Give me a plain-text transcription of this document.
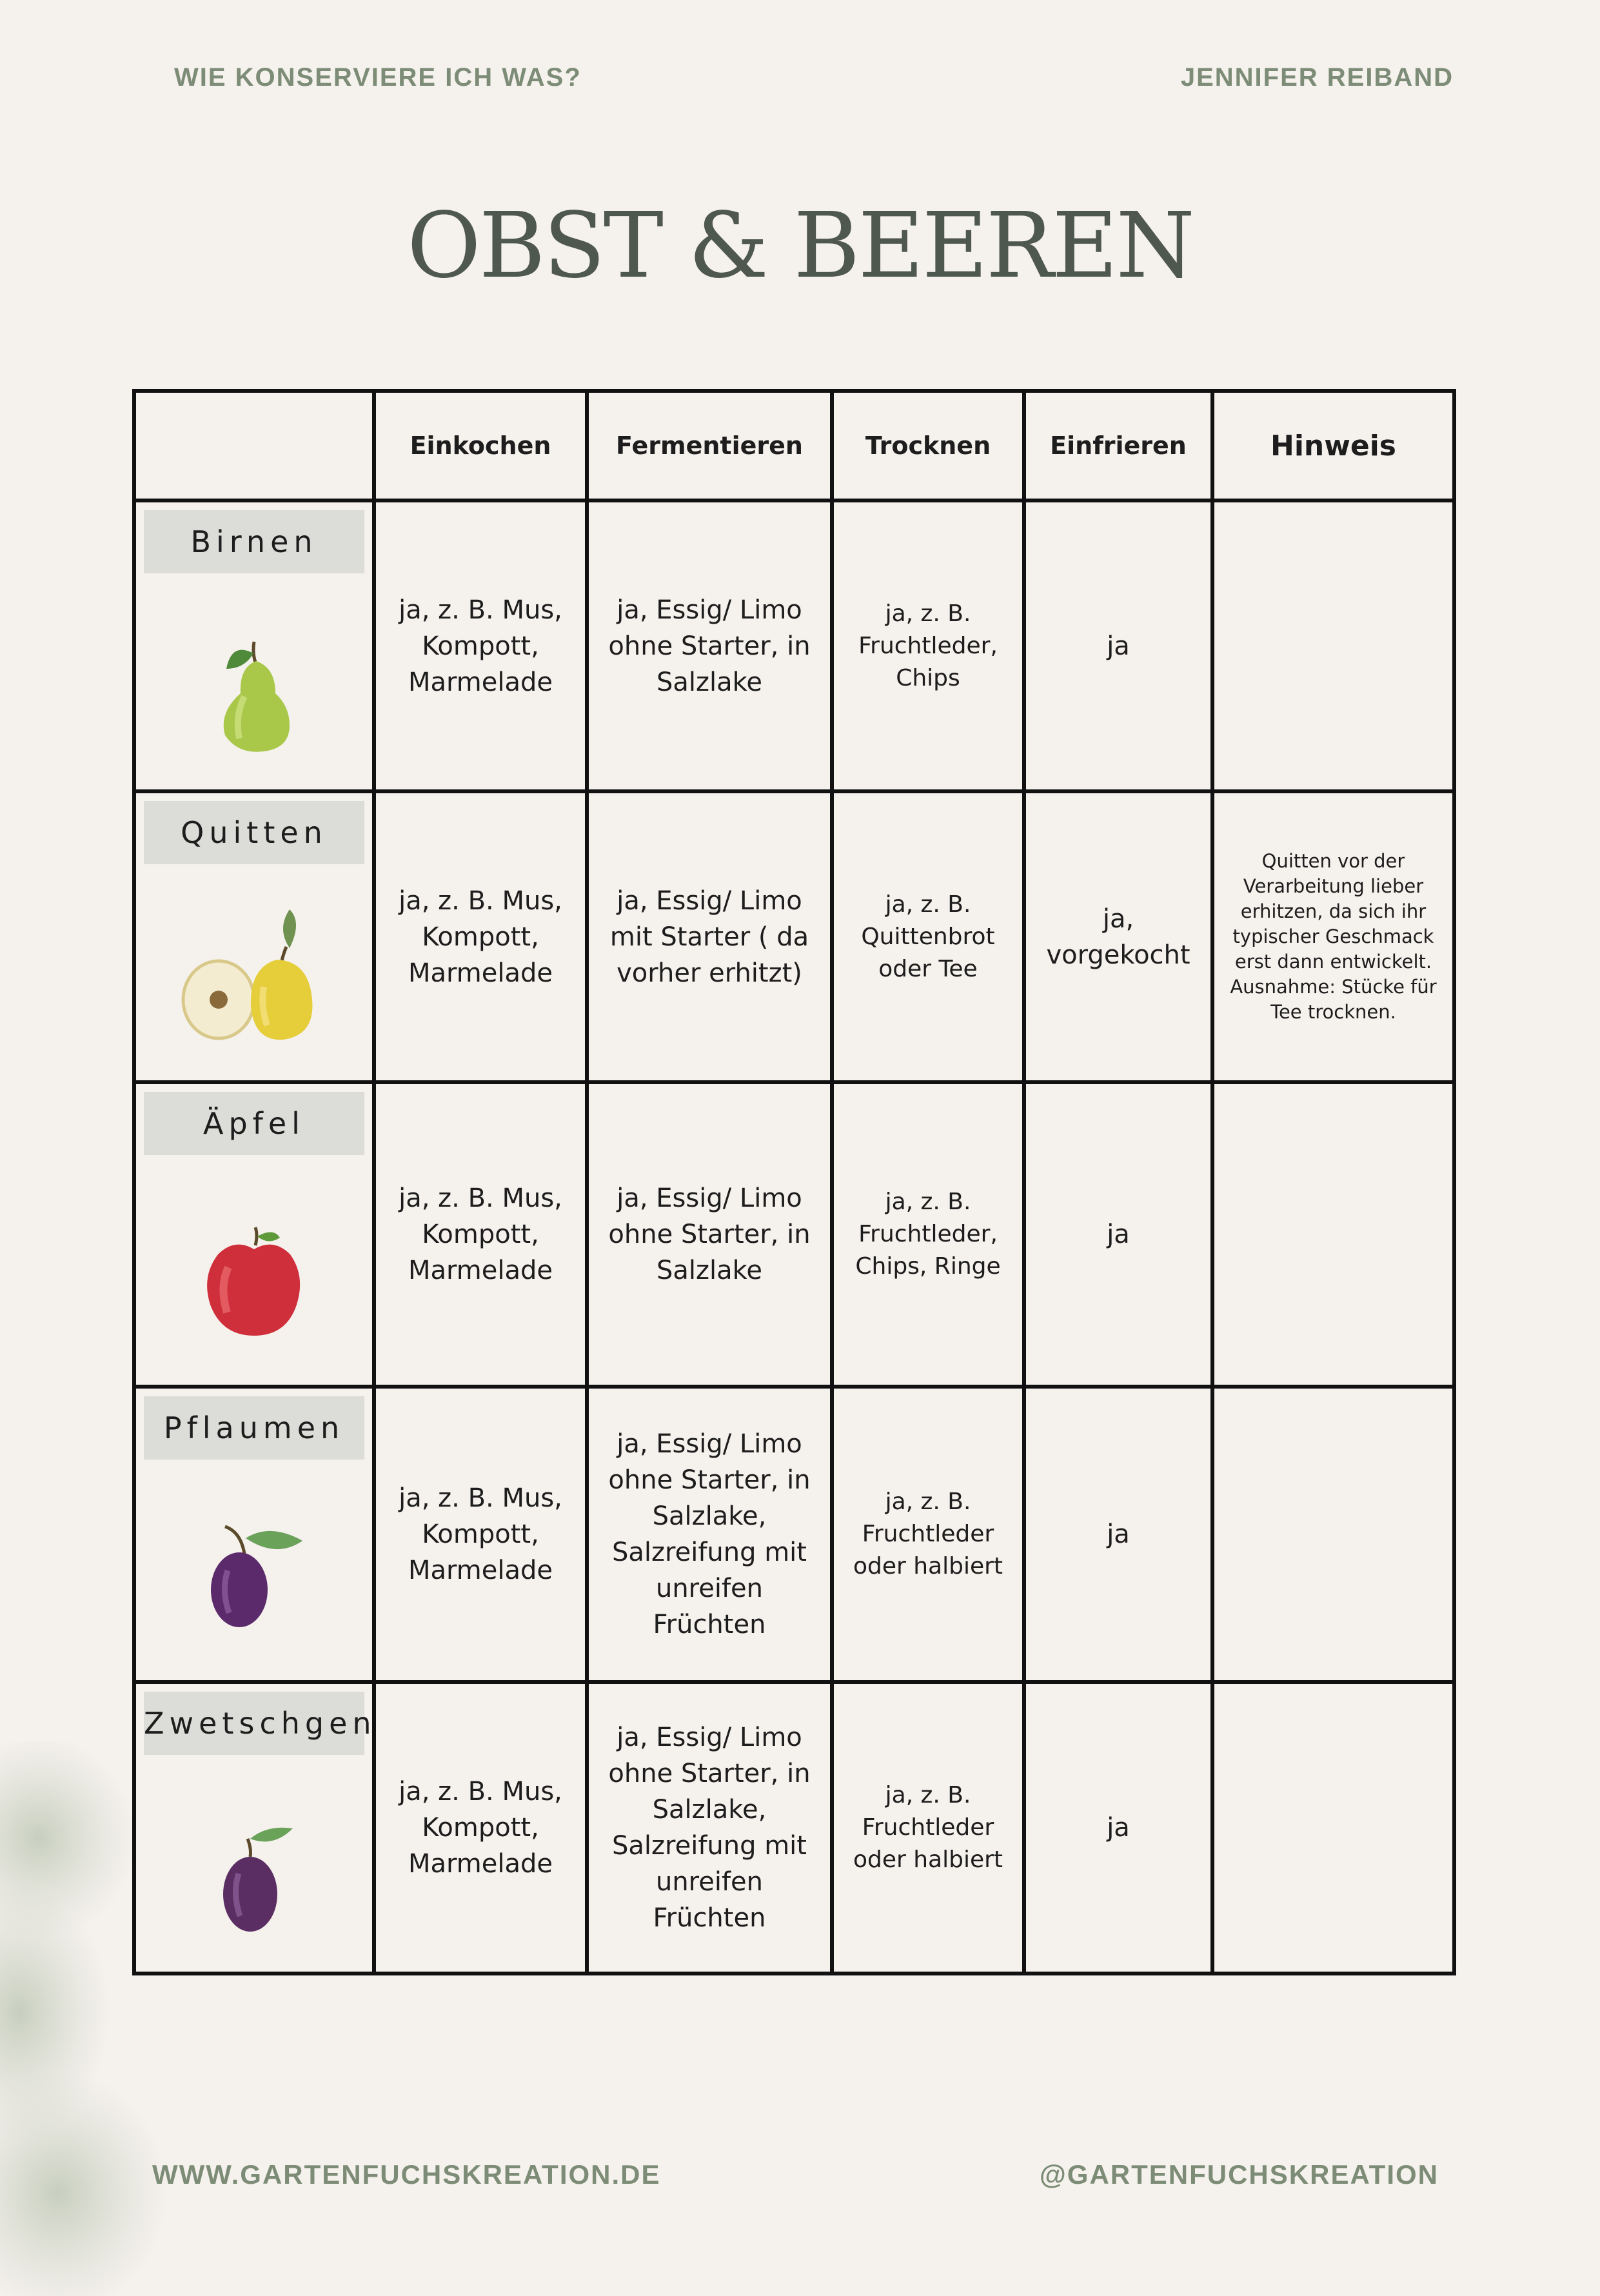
WIE KONSERVIERE ICH WAS?	JENNIFER REIBAND
OBST & BEEREN
	Einkochen	Fermentieren	Trocknen	Einfrieren	Hinweis

Birnen	ja, z. B. Mus, Kompott, Marmelade	ja, Essig/ Limo ohne Starter, in Salzlake	ja, z. B. Fruchtleder, Chips	ja	

Quitten	ja, z. B. Mus, Kompott, Marmelade	ja, Essig/ Limo mit Starter ( da vorher erhitzt)	ja, z. B. Quittenbrot oder Tee	ja, vorgekocht	Quitten vor der Verarbeitung lieber erhitzen, da sich ihr typischer Geschmack erst dann entwickelt. Ausnahme: Stücke für Tee trocknen.

Äpfel	ja, z. B. Mus, Kompott, Marmelade	ja, Essig/ Limo ohne Starter, in Salzlake	ja, z. B. Fruchtleder, Chips, Ringe	ja	

Pflaumen	ja, z. B. Mus, Kompott, Marmelade	ja, Essig/ Limo ohne Starter, in Salzlake, Salzreifung mit unreifen Früchten	ja, z. B. Fruchtleder oder halbiert	ja	

Zwetschgen	ja, z. B. Mus, Kompott, Marmelade	ja, Essig/ Limo ohne Starter, in Salzlake, Salzreifung mit unreifen Früchten	ja, z. B. Fruchtleder oder halbiert	ja	
WWW.GARTENFUCHSKREATION.DE	@GARTENFUCHSKREATION
